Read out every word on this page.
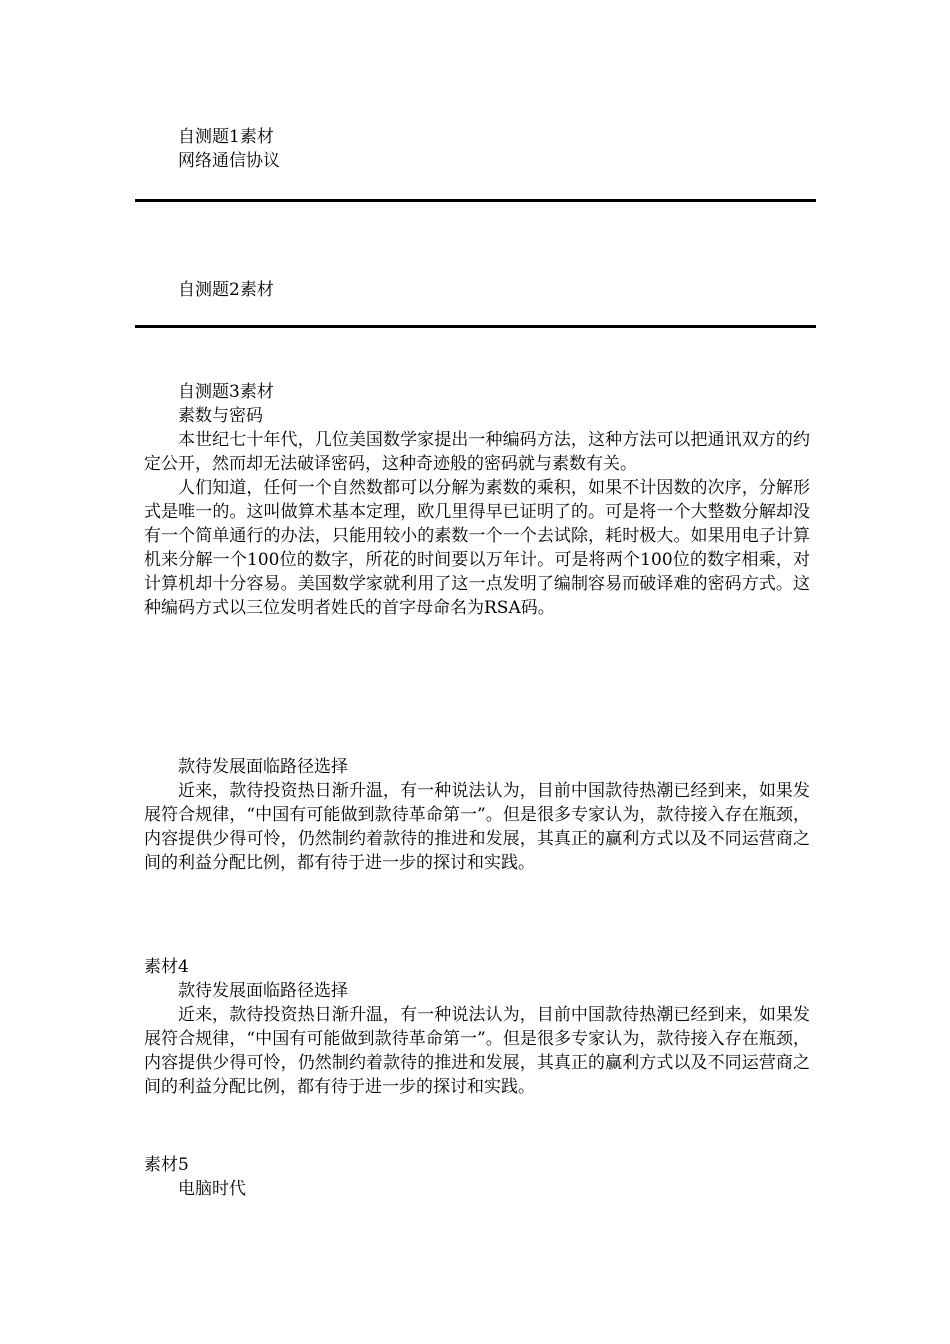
自测题1素材

网络通信协议

自测题2素材

自测题3素材

素数与密码

本世纪七十年代，几位美国数学家提出一种编码方法，这种方法可以把通讯双方的约定公开，然而却无法破译密码，这种奇迹般的密码就与素数有关。

人们知道，任何一个自然数都可以分解为素数的乘积，如果不计因数的次序，分解形式是唯一的。这叫做算术基本定理，欧几里得早已证明了的。可是将一个大整数分解却没有一个简单通行的办法，只能用较小的素数一个一个去试除，耗时极大。如果用电子计算机来分解一个100位的数字，所花的时间要以万年计。可是将两个100位的数字相乘，对计算机却十分容易。美国数学家就利用了这一点发明了编制容易而破译难的密码方式。这种编码方式以三位发明者姓氏的首字母命名为RSA码。

款待发展面临路径选择

近来，款待投资热日渐升温，有一种说法认为，目前中国款待热潮已经到来，如果发展符合规律，“中国有可能做到款待革命第一”。但是很多专家认为，款待接入存在瓶颈，内容提供少得可怜，仍然制约着款待的推进和发展，其真正的赢利方式以及不同运营商之间的利益分配比例，都有待于进一步的探讨和实践。

素材4

款待发展面临路径选择

近来，款待投资热日渐升温，有一种说法认为，目前中国款待热潮已经到来，如果发展符合规律，“中国有可能做到款待革命第一”。但是很多专家认为，款待接入存在瓶颈，内容提供少得可怜，仍然制约着款待的推进和发展，其真正的赢利方式以及不同运营商之间的利益分配比例，都有待于进一步的探讨和实践。

素材5

电脑时代
